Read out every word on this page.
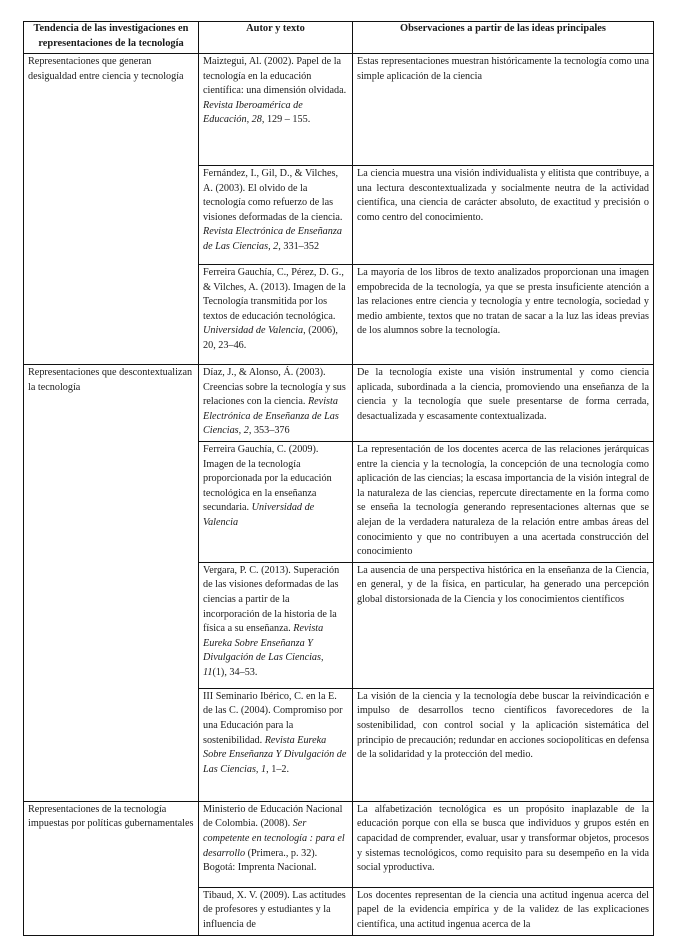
Tendencia de las investigaciones en representaciones de la tecnología	Autor y texto	Observaciones a partir de las ideas principales
Representaciones que generan desigualdad entre ciencia y tecnología	Maiztegui, Al. (2002). Papel de la tecnología en la educación científica: una dimensión olvidada. Revista Iberoamérica de Educación, 28, 129 – 155.	Estas representaciones muestran históricamente la tecnología como una simple aplicación de la ciencia
	Fernández, I., Gil, D., & Vilches, A. (2003). El olvido de la tecnología como refuerzo de las visiones deformadas de la ciencia. Revista Electrónica de Enseñanza de Las Ciencias, 2, 331–352	La ciencia muestra una visión individualista y elitista que contribuye, a una lectura descontextualizada y socialmente neutra de la actividad científica, una ciencia de carácter absoluto, de exactitud y precisión o como centro del conocimiento.
	Ferreira Gauchía, C., Pérez, D. G., & Vilches, A. (2013). Imagen de la Tecnología transmitida por los textos de educación tecnológica. Universidad de Valencia, (2006), 20, 23–46.	La mayoría de los libros de texto analizados proporcionan una imagen empobrecida de la tecnología, ya que se presta insuficiente atención a las relaciones entre ciencia y tecnología y entre tecnología, sociedad y medio ambiente, textos que no tratan de sacar a la luz las ideas previas de los alumnos sobre la tecnología.
Representaciones que descontextualizan la tecnología	Díaz, J., & Alonso, Á. (2003). Creencias sobre la tecnología y sus relaciones con la ciencia. Revista Electrónica de Enseñanza de Las Ciencias, 2, 353–376	De la tecnología existe una visión instrumental y como ciencia aplicada, subordinada a la ciencia, promoviendo una enseñanza de la ciencia y la tecnología que suele presentarse de forma cerrada, desactualizada y escasamente contextualizada.
	Ferreira Gauchía, C. (2009). Imagen de la tecnología proporcionada por la educación tecnológica en la enseñanza secundaria. Universidad de Valencia	La representación de los docentes acerca de las relaciones jerárquicas entre la ciencia y la tecnología, la concepción de una tecnología como aplicación de las ciencias; la escasa importancia de la visión integral de la naturaleza de las ciencias, repercute directamente en la forma como se enseña la tecnología generando representaciones alternas que se alejan de la verdadera naturaleza de la relación entre ambas áreas del conocimiento y que no contribuyen a una acertada construcción del conocimiento
Vergara, P. C. (2013). Superación de las visiones deformadas de las ciencias a partir de la incorporación de la historia de la física a su enseñanza. Revista Eureka Sobre Enseñanza Y Divulgación de Las Ciencias, 11(1), 34–53.	La ausencia de una perspectiva histórica en la enseñanza de la Ciencia, en general, y de la física, en particular, ha generado una percepción global distorsionada de la Ciencia y los conocimientos científicos
	III Seminario Ibérico, C. en la E. de las C. (2004). Compromiso por una Educación para la sostenibilidad. Revista Eureka Sobre Enseñanza Y Divulgación de Las Ciencias, 1, 1–2.	La visión de la ciencia y la tecnología debe buscar la reivindicación e impulso de desarrollos tecno científicos favorecedores de la sostenibilidad, con control social y la aplicación sistemática del principio de precaución; redundar en acciones sociopolíticas en defensa de la solidaridad y la protección del medio.
Representaciones de la tecnología impuestas por políticas gubernamentales	Ministerio de Educación Nacional de Colombia. (2008). Ser competente en tecnología : para el desarrollo (Primera., p. 32). Bogotá: Imprenta Nacional.	La alfabetización tecnológica es un propósito inaplazable de la educación porque con ella se busca que individuos y grupos estén en capacidad de comprender, evaluar, usar y transformar objetos, procesos y sistemas tecnológicos, como requisito para su desempeño en la vida social yproductiva.
	Tibaud, X. V. (2009). Las actitudes de profesores y estudiantes y la influencia de	Los docentes representan de la ciencia una actitud ingenua acerca del papel de la evidencia empírica y de la validez de las explicaciones científica, una actitud ingenua acerca de la
